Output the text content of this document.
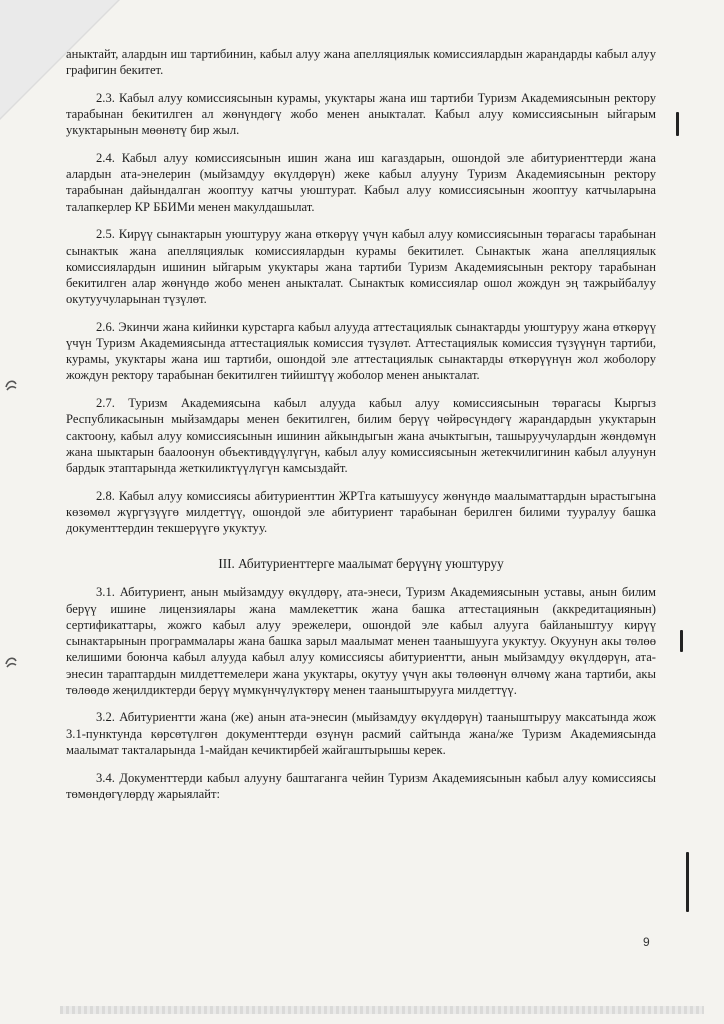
аныктайт, алардын иш тартибинин, кабыл алуу жана апелляциялык комиссиялардын жарандарды кабыл алуу графигин бекитет.

2.3. Кабыл алуу комиссиясынын курамы, укуктары жана иш тартиби Туризм Академиясынын ректору тарабынан бекитилген ал жөнүндөгү жобо менен аныкталат. Кабыл алуу комиссиясынын ыйгарым укуктарынын мөөнөтү бир жыл.

2.4. Кабыл алуу комиссиясынын ишин жана иш кагаздарын, ошондой эле абитуриенттерди жана алардын ата-энелерин (мыйзамдуу өкүлдөрүн) жеке кабыл алууну Туризм Академиясынын ректору тарабынан дайындалган жооптуу катчы уюштурат. Кабыл алуу комиссиясынын жооптуу катчыларына талапкерлер КР ББИМи менен макулдашылат.

2.5. Кирүү сынактарын уюштуруу жана өткөрүү үчүн кабыл алуу комиссиясынын төрагасы тарабынан сынактык жана апелляциялык комиссиялардын курамы бекитилет. Сынактык жана апелляциялык комиссиялардын ишинин ыйгарым укуктары жана тартиби Туризм Академиясынын ректору тарабынан бекитилген алар жөнүндө жобо менен аныкталат. Сынактык комиссиялар ошол жождун эң тажрыйбалуу окутуучуларынан түзүлөт.

2.6. Экинчи жана кийинки курстарга кабыл алууда аттестациялык сынактарды уюштуруу жана өткөрүү үчүн Туризм Академиясында аттестациялык комиссия түзүлөт. Аттестациялык комиссия түзүүнүн тартиби, курамы, укуктары жана иш тартиби, ошондой эле аттестациялык сынактарды өткөрүүнүн жол жоболору жождун ректору тарабынан бекитилген тийиштүү жоболор менен аныкталат.

2.7. Туризм Академиясына кабыл алууда кабыл алуу комиссиясынын төрагасы Кыргыз Республикасынын мыйзамдары менен бекитилген, билим берүү чөйрөсүндөгү жарандардын укуктарын сактоону, кабыл алуу комиссиясынын ишинин айкындыгын жана ачыктыгын, ташыруучулардын жөндөмүн жана шыктарын баалоонун объективдүүлүгүн, кабыл алуу комиссиясынын жетекчилигинин кабыл алуунун бардык этаптарында жеткиликтүүлүгүн камсыздайт.

2.8. Кабыл алуу комиссиясы абитуриенттин ЖРТга катышуусу жөнүндө маалыматтардын ырастыгына көзөмөл жүргүзүүгө милдеттүү, ошондой эле абитуриент тарабынан берилген билими тууралуу башка документтердин текшерүүгө укуктуу.

III. Абитуриенттерге маалымат берүүнү уюштуруу

3.1. Абитуриент, анын мыйзамдуу өкүлдөрү, ата-энеси, Туризм Академиясынын уставы, анын билим берүү ишине лицензиялары жана мамлекеттик жана башка аттестациянын (аккредитациянын) сертификаттары, жожго кабыл алуу эрежелери, ошондой эле кабыл алууга байланыштуу кирүү сынактарынын программалары жана башка зарыл маалымат менен таанышууга укуктуу. Окуунун акы төлөө келишими боюнча кабыл алууда кабыл алуу комиссиясы абитуриентти, анын мыйзамдуу өкүлдөрүн, ата-энесин тараптардын милдеттемелери жана укуктары, окутуу үчүн акы төлөөнүн өлчөмү жана тартиби, акы төлөөдө жеңилдиктерди берүү мүмкүнчүлүктөрү менен тааныштырууга милдеттүү.

3.2. Абитуриентти жана (же) анын ата-энесин (мыйзамдуу өкүлдөрүн) тааныштыруу максатында жож 3.1-пунктунда көрсөтүлгөн документтерди өзүнүн расмий сайтында жана/же Туризм Академиясында маалымат такталарында 1-майдан кечиктирбей жайгаштырышы керек.

3.4. Документтерди кабыл алууну баштаганга чейин Туризм Академиясынын кабыл алуу комиссиясы төмөндөгүлөрдү жарыялайт:

9
